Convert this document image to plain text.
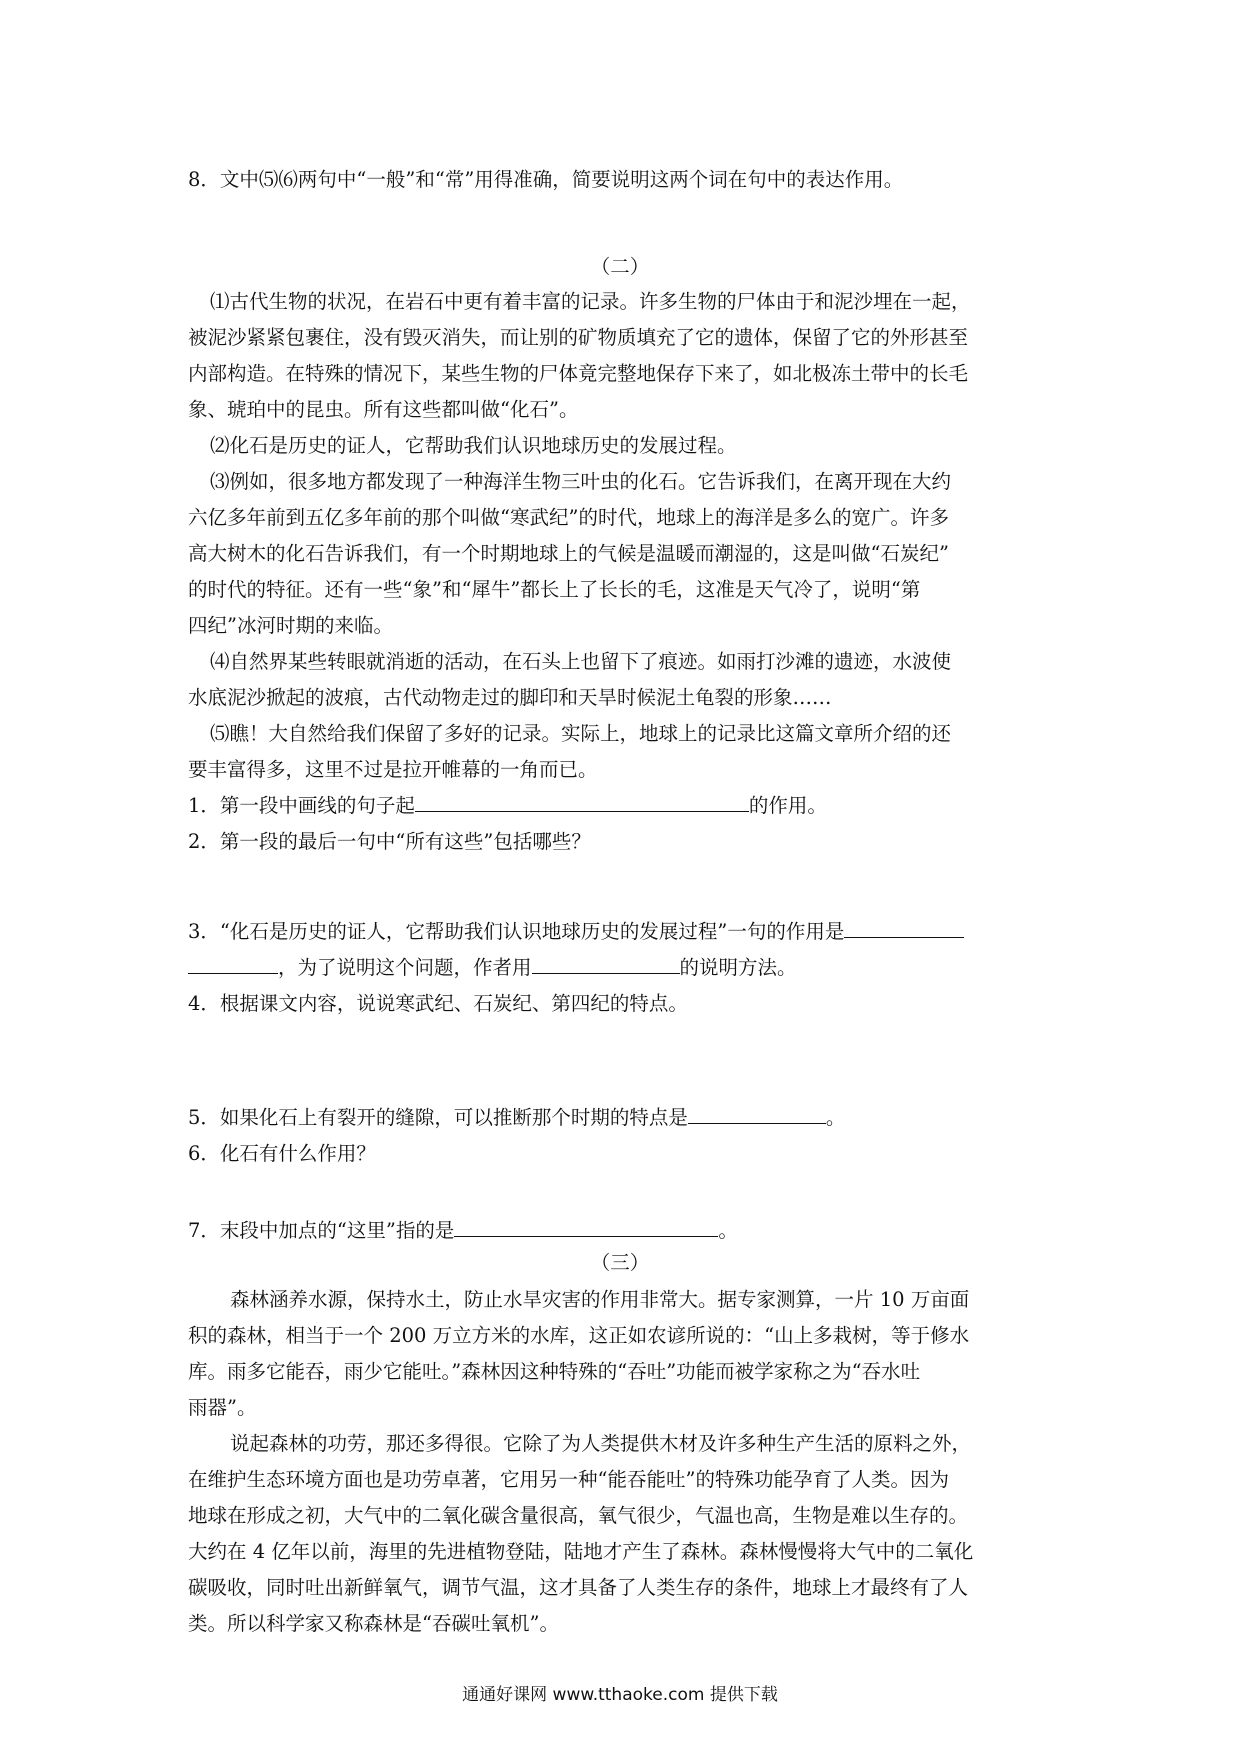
8．文中⑸⑹两句中“一般”和“常”用得准确，简要说明这两个词在句中的表达作用。
（二）
⑴古代生物的状况，在岩石中更有着丰富的记录。许多生物的尸体由于和泥沙埋在一起，
被泥沙紧紧包裹住，没有毁灭消失，而让别的矿物质填充了它的遗体，保留了它的外形甚至
内部构造。在特殊的情况下，某些生物的尸体竟完整地保存下来了，如北极冻土带中的长毛
象、琥珀中的昆虫。所有这些都叫做“化石”。
⑵化石是历史的证人，它帮助我们认识地球历史的发展过程。
⑶例如，很多地方都发现了一种海洋生物三叶虫的化石。它告诉我们，在离开现在大约
六亿多年前到五亿多年前的那个叫做“寒武纪”的时代，地球上的海洋是多么的宽广。许多
高大树木的化石告诉我们，有一个时期地球上的气候是温暖而潮湿的，这是叫做“石炭纪”
的时代的特征。还有一些“象”和“犀牛”都长上了长长的毛，这准是天气冷了，说明“第
四纪”冰河时期的来临。
⑷自然界某些转眼就消逝的活动，在石头上也留下了痕迹。如雨打沙滩的遗迹，水波使
水底泥沙掀起的波痕，古代动物走过的脚印和天旱时候泥土龟裂的形象……
⑸瞧！大自然给我们保留了多好的记录。实际上，地球上的记录比这篇文章所介绍的还
要丰富得多，这里不过是拉开帷幕的一角而已。
1．第一段中画线的句子起	的作用。
2．第一段的最后一句中“所有这些”包括哪些？
3．“化石是历史的证人，它帮助我们认识地球历史的发展过程”一句的作用是
，为了说明这个问题，作者用	的说明方法。
4．根据课文内容，说说寒武纪、石炭纪、第四纪的特点。
5．如果化石上有裂开的缝隙，可以推断那个时期的特点是	。
6．化石有什么作用？
7．末段中加点的“这里”指的是	。
（三）
森林涵养水源，保持水土，防止水旱灾害的作用非常大。据专家测算，一片 10 万亩面
积的森林，相当于一个 200 万立方米的水库，这正如农谚所说的：“山上多栽树，等于修水
库。雨多它能吞，雨少它能吐。”森林因这种特殊的“吞吐”功能而被学家称之为“吞水吐
雨器”。
说起森林的功劳，那还多得很。它除了为人类提供木材及许多种生产生活的原料之外，
在维护生态环境方面也是功劳卓著，它用另一种“能吞能吐”的特殊功能孕育了人类。因为
地球在形成之初，大气中的二氧化碳含量很高，氧气很少，气温也高，生物是难以生存的。
大约在 4 亿年以前，海里的先进植物登陆，陆地才产生了森林。森林慢慢将大气中的二氧化
碳吸收，同时吐出新鲜氧气，调节气温，这才具备了人类生存的条件，地球上才最终有了人
类。所以科学家又称森林是“吞碳吐氧机”。
通通好课网 www.tthaoke.com 提供下载
